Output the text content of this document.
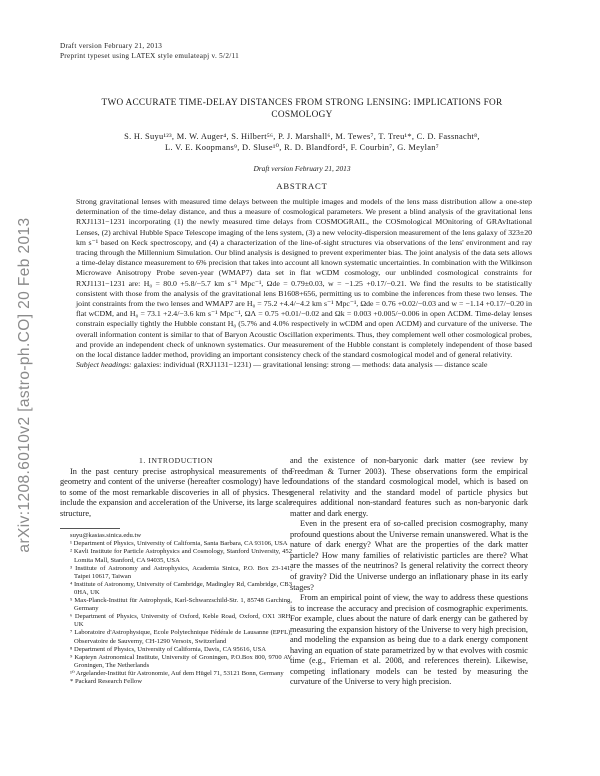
Draft version February 21, 2013
Preprint typeset using LATEX style emulateapj v. 5/2/11
arXiv:1208.6010v2 [astro-ph.CO] 20 Feb 2013
TWO ACCURATE TIME-DELAY DISTANCES FROM STRONG LENSING: IMPLICATIONS FOR
COSMOLOGY
S. H. Suyu¹²³, M. W. Auger⁴, S. Hilbert⁵⁶, P. J. Marshall⁶, M. Tewes⁷, T. Treu¹*, C. D. Fassnacht⁸,
L. V. E. Koopmans⁹, D. Sluse¹⁰, R. D. Blandford⁵, F. Courbin⁷, G. Meylan⁷
Draft version February 21, 2013
ABSTRACT

Strong gravitational lenses with measured time delays between the multiple images and models of the lens mass distribution allow a one-step determination of the time-delay distance, and thus a measure of cosmological parameters. We present a blind analysis of the gravitational lens RXJ1131−1231 incorporating (1) the newly measured time delays from COSMOGRAIL, the COSmological MOnitoring of GRAvItational Lenses, (2) archival Hubble Space Telescope imaging of the lens system, (3) a new velocity-dispersion measurement of the lens galaxy of 323±20 km s⁻¹ based on Keck spectroscopy, and (4) a characterization of the line-of-sight structures via observations of the lens' environment and ray tracing through the Millennium Simulation. Our blind analysis is designed to prevent experimenter bias. The joint analysis of the data sets allows a time-delay distance measurement to 6% precision that takes into account all known systematic uncertainties. In combination with the Wilkinson Microwave Anisotropy Probe seven-year (WMAP7) data set in flat wCDM cosmology, our unblinded cosmological constraints for RXJ1131−1231 are: H₀ = 80.0 +5.8/−5.7 km s⁻¹ Mpc⁻¹, Ωde = 0.79±0.03, w = −1.25 +0.17/−0.21. We find the results to be statistically consistent with those from the analysis of the gravitational lens B1608+656, permitting us to combine the inferences from these two lenses. The joint constraints from the two lenses and WMAP7 are H₀ = 75.2 +4.4/−4.2 km s⁻¹ Mpc⁻¹, Ωde = 0.76 +0.02/−0.03 and w = −1.14 +0.17/−0.20 in flat wCDM, and H₀ = 73.1 +2.4/−3.6 km s⁻¹ Mpc⁻¹, ΩΛ = 0.75 +0.01/−0.02 and Ωk = 0.003 +0.005/−0.006 in open ΛCDM. Time-delay lenses constrain especially tightly the Hubble constant H₀ (5.7% and 4.0% respectively in wCDM and open ΛCDM) and curvature of the universe. The overall information content is similar to that of Baryon Acoustic Oscillation experiments. Thus, they complement well other cosmological probes, and provide an independent check of unknown systematics. Our measurement of the Hubble constant is completely independent of those based on the local distance ladder method, providing an important consistency check of the standard cosmological model and of general relativity.

Subject headings: galaxies: individual (RXJ1131−1231) — gravitational lensing: strong — methods: data analysis — distance scale

1. INTRODUCTION

In the past century precise astrophysical measurements of the geometry and content of the universe (hereafter cosmology) have led to some of the most remarkable discoveries in all of physics. These include the expansion and acceleration of the Universe, its large scale structure,

suyu@kasias.sinica.edu.tw
¹ Department of Physics, University of California, Santa Barbara, CA 93106, USA
² Kavli Institute for Particle Astrophysics and Cosmology, Stanford University, 452 Lomita Mall, Stanford, CA 94035, USA
³ Institute of Astronomy and Astrophysics, Academia Sinica, P.O. Box 23-141, Taipei 10617, Taiwan
⁴ Institute of Astronomy, University of Cambridge, Madingley Rd, Cambridge, CB3 0HA, UK
⁵ Max-Planck-Institut für Astrophysik, Karl-Schwarzschild-Str. 1, 85748 Garching, Germany
⁶ Department of Physics, University of Oxford, Keble Road, Oxford, OX1 3RH, UK
⁷ Laboratoire d'Astrophysique, Ecole Polytechnique Fédérale de Lausanne (EPFL), Observatoire de Sauverny, CH-1290 Versoix, Switzerland
⁸ Department of Physics, University of California, Davis, CA 95616, USA
⁹ Kapteyn Astronomical Institute, University of Groningen, P.O.Box 800, 9700 AV Groningen, The Netherlands
¹⁰ Argelander-Institut für Astronomie, Auf dem Hügel 71, 53121 Bonn, Germany
* Packard Research Fellow

and the existence of non-baryonic dark matter (see review by Freedman & Turner 2003). These observations form the empirical foundations of the standard cosmological model, which is based on general relativity and the standard model of particle physics but requires additional non-standard features such as non-baryonic dark matter and dark energy.

Even in the present era of so-called precision cosmography, many profound questions about the Universe remain unanswered. What is the nature of dark energy? What are the properties of the dark matter particle? How many families of relativistic particles are there? What are the masses of the neutrinos? Is general relativity the correct theory of gravity? Did the Universe undergo an inflationary phase in its early stages?

From an empirical point of view, the way to address these questions is to increase the accuracy and precision of cosmographic experiments. For example, clues about the nature of dark energy can be gathered by measuring the expansion history of the Universe to very high precision, and modeling the expansion as being due to a dark energy component having an equation of state parametrized by w that evolves with cosmic time (e.g., Frieman et al. 2008, and references therein). Likewise, competing inflationary models can be tested by measuring the curvature of the Universe to very high precision.
